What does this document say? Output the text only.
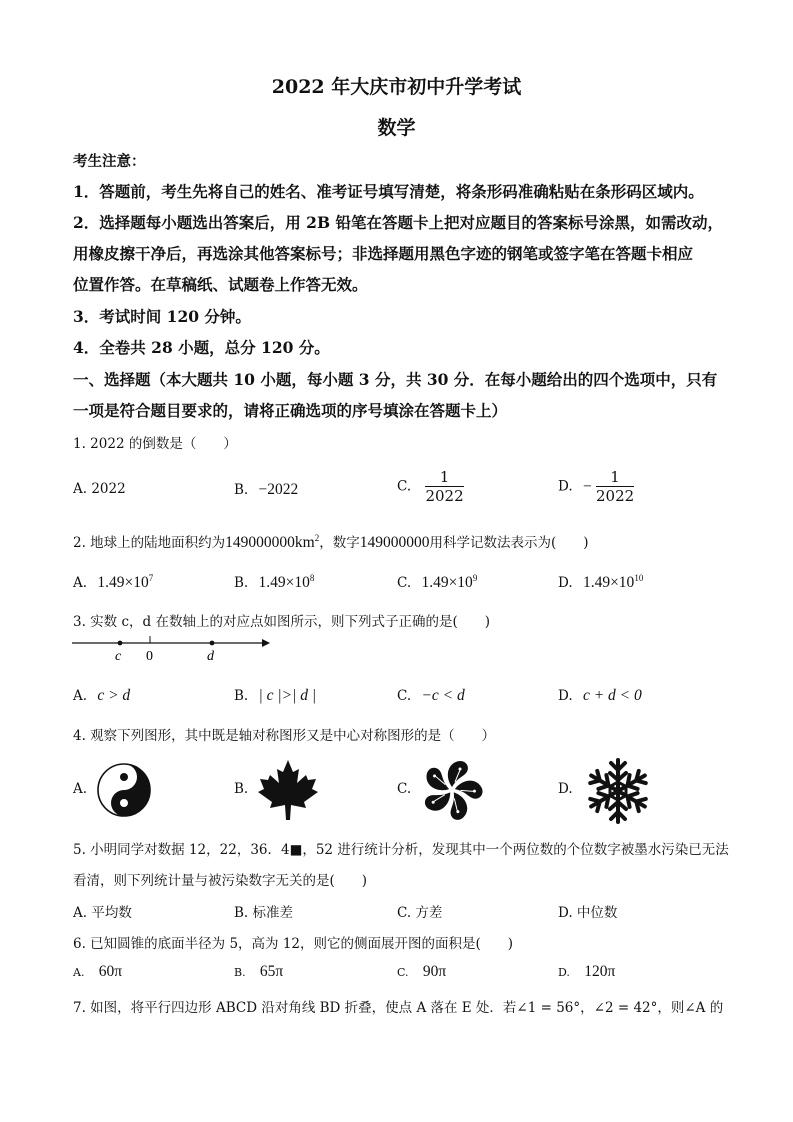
2022 年大庆市初中升学考试
数学
考生注意：
1．答题前，考生先将自己的姓名、准考证号填写清楚，将条形码准确粘贴在条形码区域内。
2．选择题每小题选出答案后，用 2B 铅笔在答题卡上把对应题目的答案标号涂黑，如需改动，
用橡皮擦干净后，再选涂其他答案标号；非选择题用黑色字迹的钢笔或签字笔在答题卡相应
位置作答。在草稿纸、试题卷上作答无效。
3．考试时间 120 分钟。
4．全卷共 28 小题，总分 120 分。
一、选择题（本大题共 10 小题，每小题 3 分，共 30 分．在每小题给出的四个选项中，只有
一项是符合题目要求的，请将正确选项的序号填涂在答题卡上）
1. 2022 的倒数是（　　）
A. 2022	B. −2022	C. $\frac{1}{2022}$	D. − $\frac{1}{2022}$
2. 地球上的陆地面积约为$149000000km^2$，数字149000000用科学记数法表示为(　　)
A. $1.49\times 10^7$	B. $1.49\times 10^8$	C. $1.49\times 10^9$	D. $1.49\times 10^{10}$
3. 实数 c，d 在数轴上的对应点如图所示，则下列式子正确的是(　　)
c 0	d
A. c > d	B. | c |>| d |	C. −c < d	D. c + d < 0
4. 观察下列图形，其中既是轴对称图形又是中心对称图形的是（　　）
A.	B.	C.	D.
5. 小明同学对数据 12，22，36．4■，52 进行统计分析，发现其中一个两位数的个位数字被墨水污染已无法
看清，则下列统计量与被污染数字无关的是(　　)
A. 平均数	B. 标准差	C. 方差	D. 中位数
6. 已知圆锥的底面半径为 5，高为 12，则它的侧面展开图的面积是(　　)
A. 60π	B. 65π	C. 90π	D. 120π
7. 如图，将平行四边形 ABCD 沿对角线 BD 折叠，使点 A 落在 E 处．若∠1 = 56°，∠2 = 42°，则∠A 的
